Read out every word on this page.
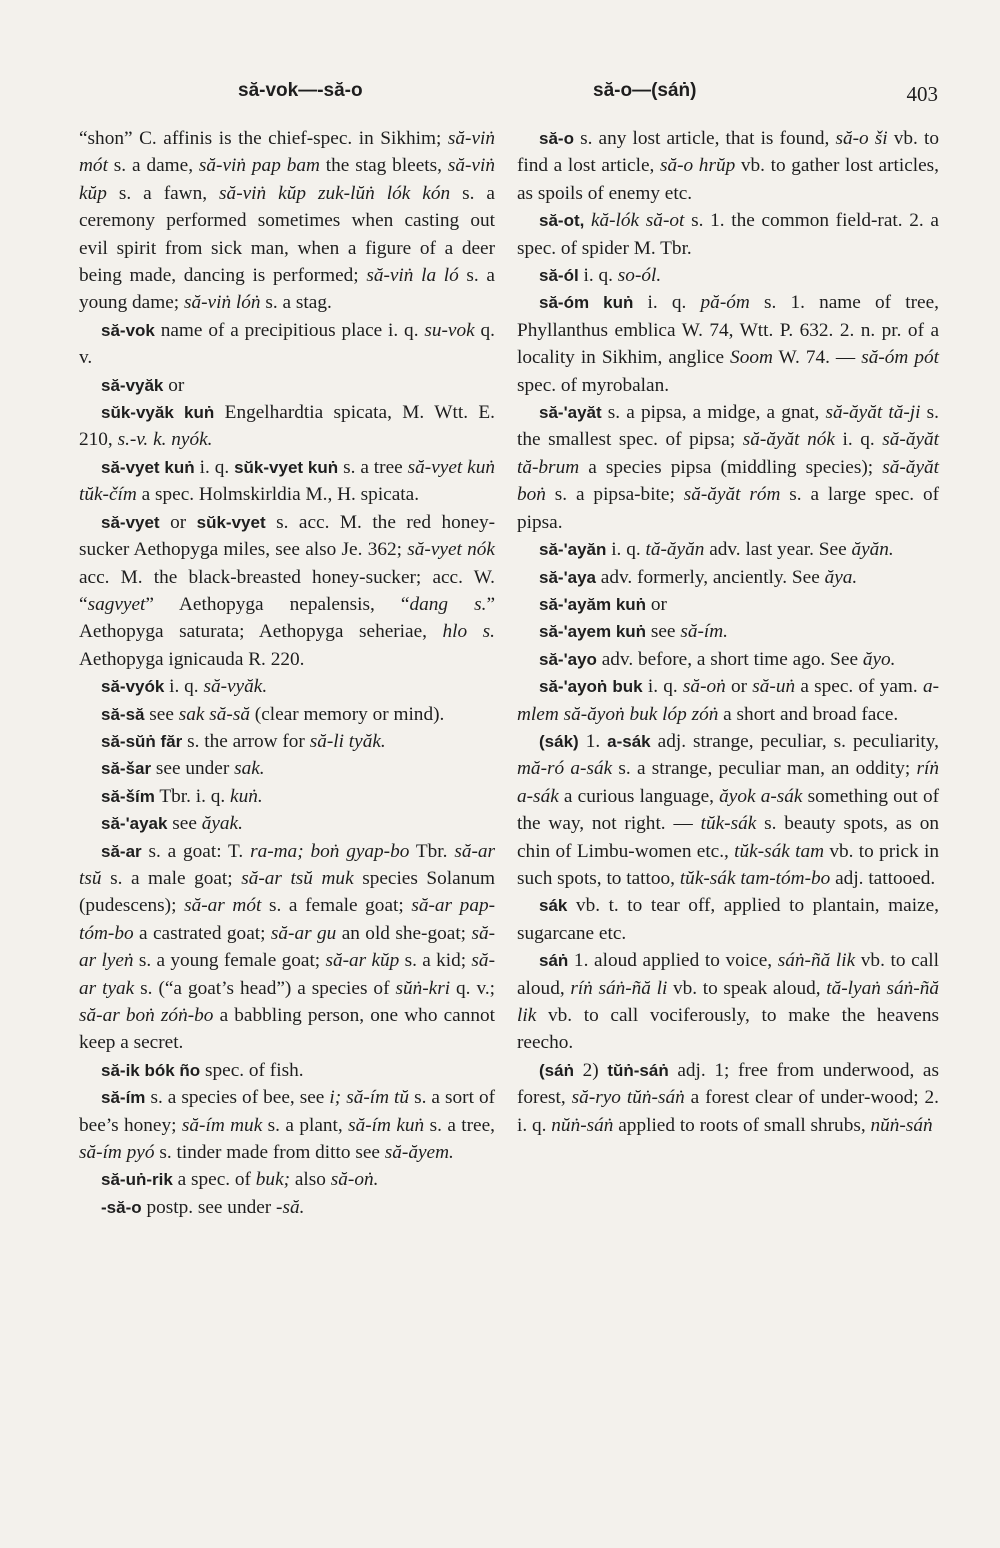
să-vok—-să-o	să-o—(sáṅ)	403

“shon” C. affinis is the chief-spec. in Sikhim; să-viṅ mót s. a dame, să-viṅ pap bam the stag bleets, să-viṅ kŭp s. a fawn, să-viṅ kŭp zuk-lŭṅ lók kón s. a ceremony performed sometimes when casting out evil spirit from sick man, when a figure of a deer being made, dancing is performed; să-viṅ la ló s. a young dame; să-viṅ lóṅ s. a stag.

să-vok name of a precipitious place i. q. su-vok q. v.

să-vyăk or

sŭk-vyăk kuṅ Engelhardtia spicata, M. Wtt. E. 210, s.-v. k. nyók.

să-vyet kuṅ i. q. sŭk-vyet kuṅ s. a tree să-vyet kuṅ tŭk-čím a spec. Holmskirldia M., H. spicata.

să-vyet or sŭk-vyet s. acc. M. the red honey-sucker Aethopyga miles, see also Je. 362; să-vyet nók acc. M. the black-breasted honey-sucker; acc. W. “sagvyet” Aethopyga nepalensis, “dang s.” Aethopyga saturata; Aethopyga seheriae, hlo s. Aethopyga ignicauda R. 220.

să-vyók i. q. să-vyăk.

să-să see sak să-să (clear memory or mind).

să-sŭṅ făr s. the arrow for să-li tyăk.

să-šar see under sak.

să-ším Tbr. i. q. kuṅ.

să-'ayak see ăyak.

să-ar s. a goat: T. ra-ma; boṅ gyap-bo Tbr. să-ar tsŭ s. a male goat; să-ar tsŭ muk species Solanum (pudescens); să-ar mót s. a female goat; să-ar pap-tóm-bo a castrated goat; să-ar gu an old she-goat; să-ar lyeṅ s. a young female goat; să-ar kŭp s. a kid; să-ar tyak s. (“a goat’s head”) a species of sŭṅ-kri q. v.; să-ar boṅ zóṅ-bo a babbling person, one who cannot keep a secret.

să-ik bók ño spec. of fish.

să-ím s. a species of bee, see i; să-ím tŭ s. a sort of bee’s honey; să-ím muk s. a plant, să-ím kuṅ s. a tree, să-ím pyó s. tinder made from ditto see să-ăyem.

să-uṅ-rik a spec. of buk; also să-oṅ.

-să-o postp. see under -să.

să-o s. any lost article, that is found, să-o ši vb. to find a lost article, să-o hrŭp vb. to gather lost articles, as spoils of enemy etc.

să-ot, kă-lók să-ot s. 1. the common field-rat. 2. a spec. of spider M. Tbr.

să-ól i. q. so-ól.

să-óm kuṅ i. q. pă-óm s. 1. name of tree, Phyllanthus emblica W. 74, Wtt. P. 632. 2. n. pr. of a locality in Sikhim, anglice Soom W. 74. — să-óm pót spec. of myrobalan.

să-'ayăt s. a pipsa, a midge, a gnat, să-ăyăt tă-ji s. the smallest spec. of pipsa; să-ăyăt nók i. q. să-ăyăt tă-brum a species pipsa (middling species); să-ăyăt boṅ s. a pipsa-bite; să-ăyăt róm s. a large spec. of pipsa.

să-'ayăn i. q. tă-ăyăn adv. last year. See ăyăn.

să-'aya adv. formerly, anciently. See ăya.

să-'ayăm kuṅ or

să-'ayem kuṅ see să-ím.

să-'ayo adv. before, a short time ago. See ăyo.

să-'ayoṅ buk i. q. să-oṅ or să-uṅ a spec. of yam. a-mlem să-ăyoṅ buk lóp zóṅ a short and broad face.

(sák) 1. a-sák adj. strange, peculiar, s. peculiarity, mă-ró a-sák s. a strange, peculiar man, an oddity; ríṅ a-sák a curious language, ăyok a-sák something out of the way, not right. — tŭk-sák s. beauty spots, as on chin of Limbu-women etc., tŭk-sák tam vb. to prick in such spots, to tattoo, tŭk-sák tam-tóm-bo adj. tattooed.

sák vb. t. to tear off, applied to plantain, maize, sugarcane etc.

sáṅ 1. aloud applied to voice, sáṅ-ñă lik vb. to call aloud, ríṅ sáṅ-ñă li vb. to speak aloud, tă-lyaṅ sáṅ-ñă lik vb. to call vociferously, to make the heavens reecho.

(sáṅ 2) tŭṅ-sáṅ adj. 1; free from underwood, as forest, să-ryo tŭṅ-sáṅ a forest clear of under-wood; 2. i. q. nŭṅ-sáṅ applied to roots of small shrubs, nŭṅ-sáṅ
